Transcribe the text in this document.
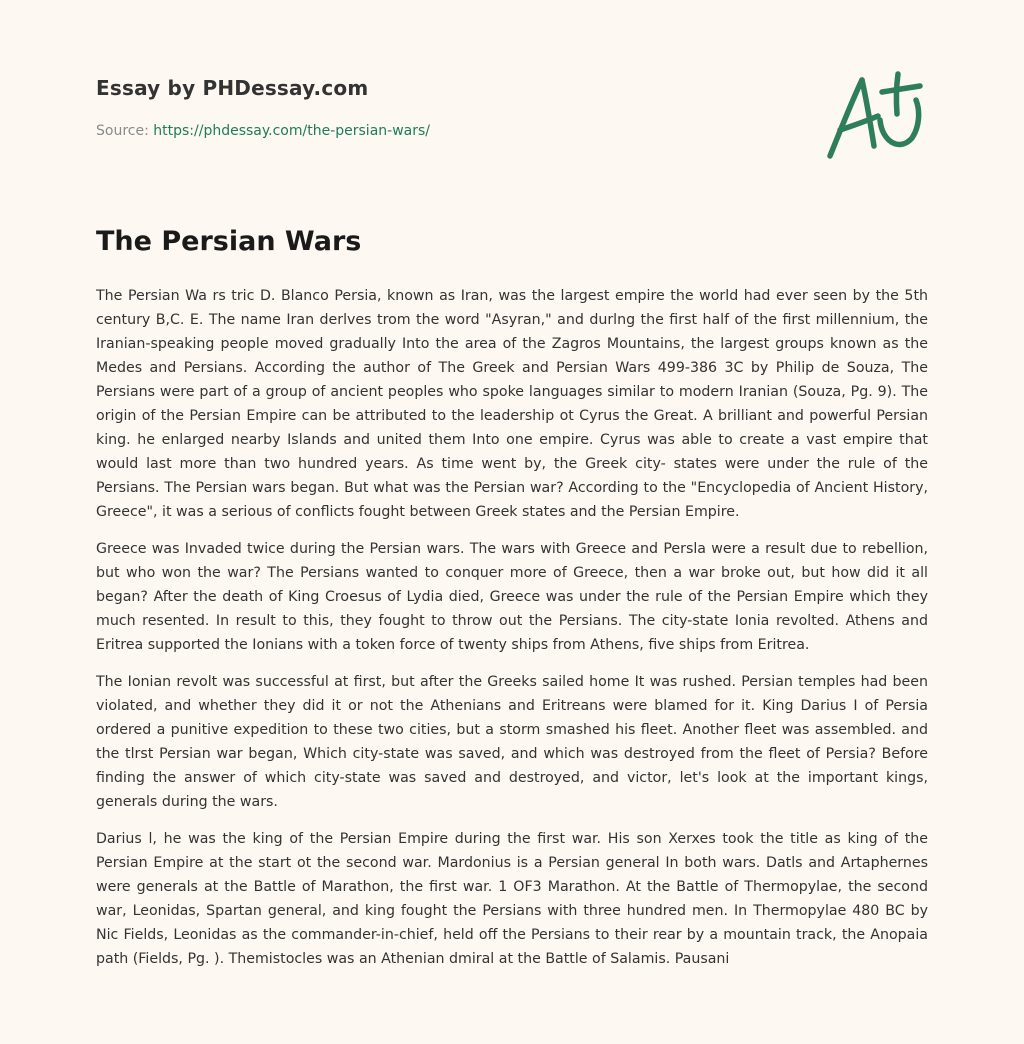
Essay by PHDessay.com
Source: https://phdessay.com/the-persian-wars/
The Persian Wars

The Persian Wa rs tric D. Blanco Persia, known as Iran, was the largest empire the world had ever seen by the 5th century B,C. E. The name Iran derlves trom the word "Asyran," and durlng the first half of the first millennium, the Iranian-speaking people moved gradually Into the area of the Zagros Mountains, the largest groups known as the Medes and Persians. According the author of The Greek and Persian Wars 499-386 3C by Philip de Souza, The Persians were part of a group of ancient peoples who spoke languages similar to modern Iranian (Souza, Pg. 9). The origin of the Persian Empire can be attributed to the leadership ot Cyrus the Great. A brilliant and powerful Persian king. he enlarged nearby Islands and united them Into one empire. Cyrus was able to create a vast empire that would last more than two hundred years. As time went by, the Greek city- states were under the rule of the Persians. The Persian wars began. But what was the Persian war? According to the "Encyclopedia of Ancient History, Greece", it was a serious of conflicts fought between Greek states and the Persian Empire.

Greece was Invaded twice during the Persian wars. The wars with Greece and Persla were a result due to rebellion, but who won the war? The Persians wanted to conquer more of Greece, then a war broke out, but how did it all began? After the death of King Croesus of Lydia died, Greece was under the rule of the Persian Empire which they much resented. In result to this, they fought to throw out the Persians. The city-state Ionia revolted. Athens and Eritrea supported the Ionians with a token force of twenty ships from Athens, five ships from Eritrea.

The Ionian revolt was successful at first, but after the Greeks sailed home It was rushed. Persian temples had been violated, and whether they did it or not the Athenians and Eritreans were blamed for it. King Darius I of Persia ordered a punitive expedition to these two cities, but a storm smashed his fleet. Another fleet was assembled. and the tlrst Persian war began, Which city-state was saved, and which was destroyed from the fleet of Persia? Before finding the answer of which city-state was saved and destroyed, and victor, let's look at the important kings, generals during the wars.

Darius l, he was the king of the Persian Empire during the first war. His son Xerxes took the title as king of the Persian Empire at the start ot the second war. Mardonius is a Persian general In both wars. Datls and Artaphernes were generals at the Battle of Marathon, the first war. 1 OF3 Marathon. At the Battle of Thermopylae, the second war, Leonidas, Spartan general, and king fought the Persians with three hundred men. In Thermopylae 480 BC by Nic Fields, Leonidas as the commander-in-chief, held off the Persians to their rear by a mountain track, the Anopaia path (Fields, Pg. ). Themistocles was an Athenian dmiral at the Battle of Salamis. Pausani
